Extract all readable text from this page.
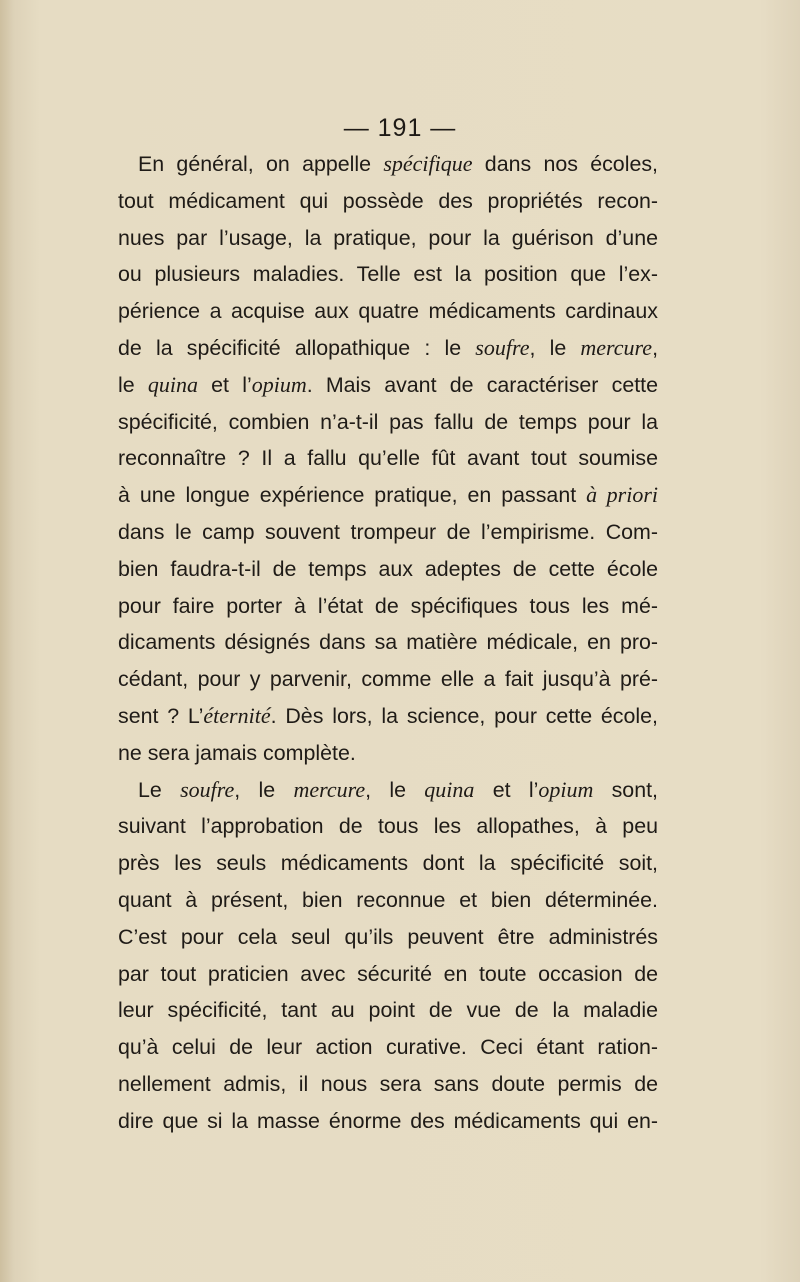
— 191 —
En général, on appelle spécifique dans nos écoles,
tout médicament qui possède des propriétés recon-
nues par l’usage, la pratique, pour la guérison d’une
ou plusieurs maladies. Telle est la position que l’ex-
périence a acquise aux quatre médicaments cardinaux
de la spécificité allopathique : le soufre, le mercure,
le quina et l’opium. Mais avant de caractériser cette
spécificité, combien n’a-t-il pas fallu de temps pour la
reconnaître ? Il a fallu qu’elle fût avant tout soumise
à une longue expérience pratique, en passant à priori
dans le camp souvent trompeur de l’empirisme. Com-
bien faudra-t-il de temps aux adeptes de cette école
pour faire porter à l’état de spécifiques tous les mé-
dicaments désignés dans sa matière médicale, en pro-
cédant, pour y parvenir, comme elle a fait jusqu’à pré-
sent ? L’éternité. Dès lors, la science, pour cette école,
ne sera jamais complète.
Le soufre, le mercure, le quina et l’opium sont,
suivant l’approbation de tous les allopathes, à peu
près les seuls médicaments dont la spécificité soit,
quant à présent, bien reconnue et bien déterminée.
C’est pour cela seul qu’ils peuvent être administrés
par tout praticien avec sécurité en toute occasion de
leur spécificité, tant au point de vue de la maladie
qu’à celui de leur action curative. Ceci étant ration-
nellement admis, il nous sera sans doute permis de
dire que si la masse énorme des médicaments qui en-
